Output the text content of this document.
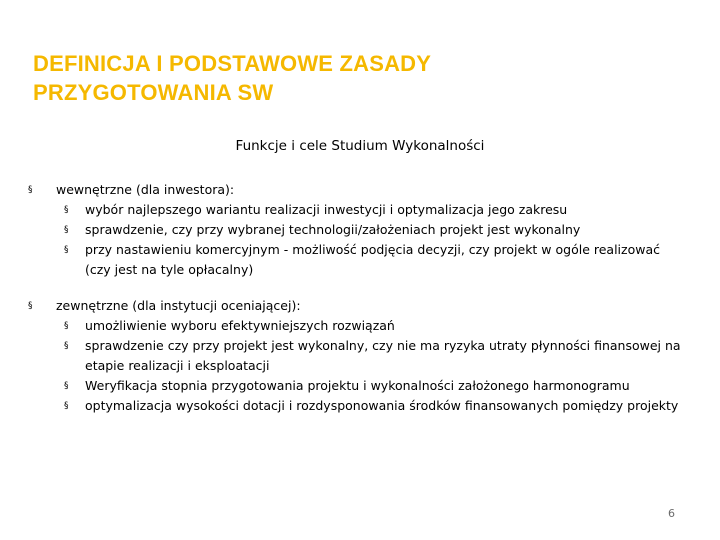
DEFINICJA I PODSTAWOWE ZASADY
PRZYGOTOWANIA SW
Funkcje i cele Studium Wykonalności
§ wewnętrzne (dla inwestora):
§ wybór najlepszego wariantu realizacji inwestycji i optymalizacja jego zakresu
§ sprawdzenie, czy przy wybranej technologii/założeniach projekt jest wykonalny
§ przy nastawieniu komercyjnym - możliwość podjęcia decyzji, czy projekt w ogóle realizować (czy jest na tyle opłacalny)
§ zewnętrzne (dla instytucji oceniającej):
§ umożliwienie wyboru efektywniejszych rozwiązań
§ sprawdzenie czy przy projekt jest wykonalny, czy nie ma ryzyka utraty płynności finansowej na etapie realizacji i eksploatacji
§ Weryfikacja stopnia przygotowania projektu i wykonalności założonego harmonogramu
§ optymalizacja wysokości dotacji i rozdysponowania środków finansowanych pomiędzy projekty
6
